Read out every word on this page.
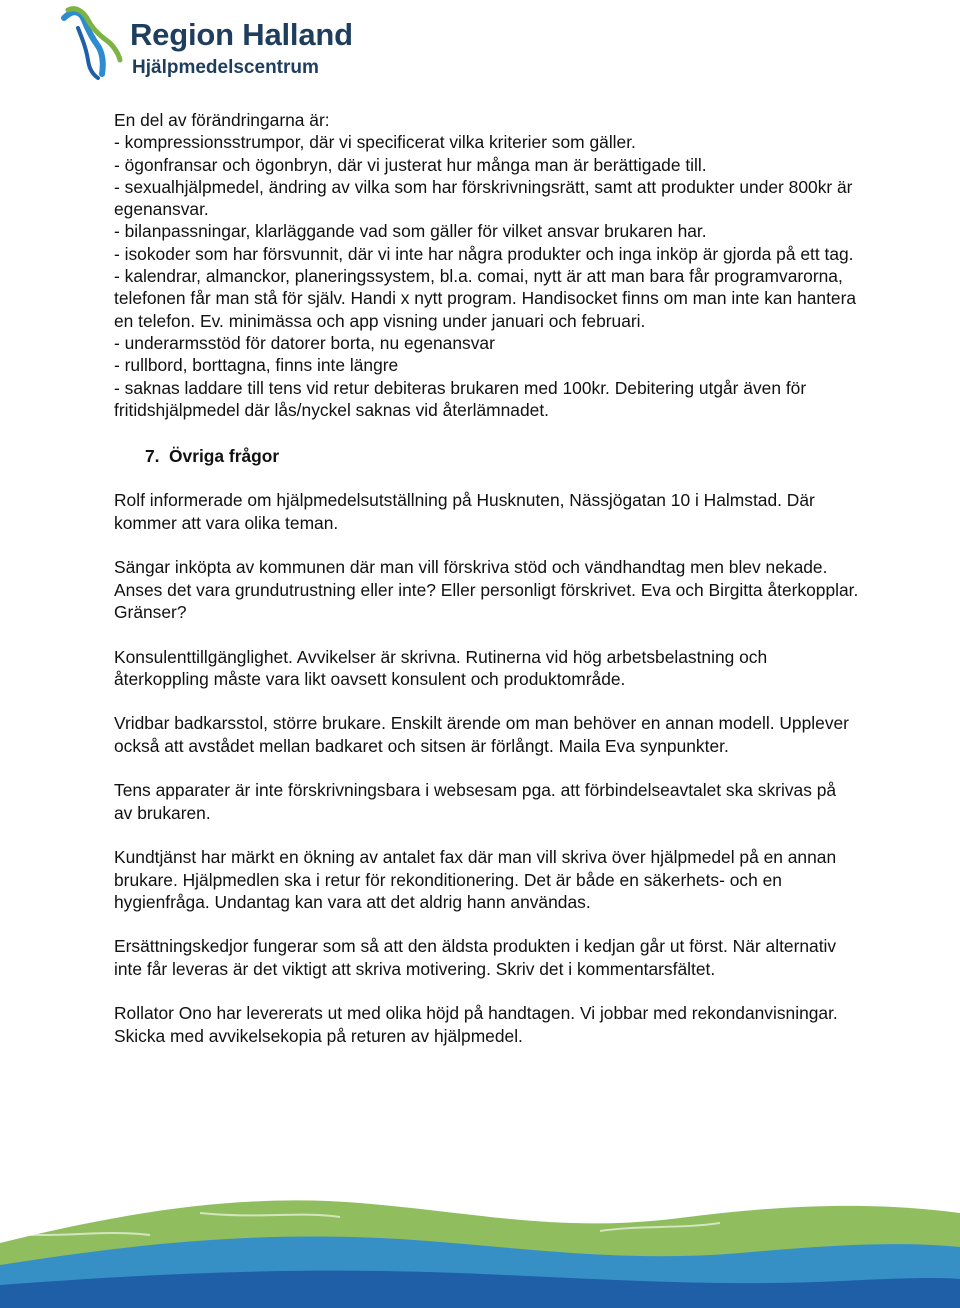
Region Halland
Hjälpmedelscentrum

En del av förändringarna är:

- kompressionsstrumpor, där vi specificerat vilka kriterier som gäller.

- ögonfransar och ögonbryn, där vi justerat hur många man är berättigade till.

- sexualhjälpmedel, ändring av vilka som har förskrivningsrätt, samt att produkter under 800kr är egenansvar.

- bilanpassningar, klarläggande vad som gäller för vilket ansvar brukaren har.

- isokoder som har försvunnit, där vi inte har några produkter och inga inköp är gjorda på ett tag.

- kalendrar, almanckor, planeringssystem, bl.a. comai, nytt är att man bara får programvarorna, telefonen får man stå för själv. Handi x nytt program. Handisocket finns om man inte kan hantera en telefon. Ev. minimässa och app visning under januari och februari.

- underarmsstöd för datorer borta, nu egenansvar

- rullbord, borttagna, finns inte längre

- saknas laddare till tens vid retur debiteras brukaren med 100kr. Debitering utgår även för fritidshjälpmedel där lås/nyckel saknas vid återlämnadet.

7. Övriga frågor

Rolf informerade om hjälpmedelsutställning på Husknuten, Nässjögatan 10 i Halmstad. Där kommer att vara olika teman.

Sängar inköpta av kommunen där man vill förskriva stöd och vändhandtag men blev nekade. Anses det vara grundutrustning eller inte? Eller personligt förskrivet. Eva och Birgitta återkopplar. Gränser?

Konsulenttillgänglighet. Avvikelser är skrivna. Rutinerna vid hög arbetsbelastning och återkoppling måste vara likt oavsett konsulent och produktområde.

Vridbar badkarsstol, större brukare. Enskilt ärende om man behöver en annan modell. Upplever också att avstådet mellan badkaret och sitsen är förlångt. Maila Eva synpunkter.

Tens apparater är inte förskrivningsbara i websesam pga. att förbindelseavtalet ska skrivas på av brukaren.

Kundtjänst har märkt en ökning av antalet fax där man vill skriva över hjälpmedel på en annan brukare. Hjälpmedlen ska i retur för rekonditionering. Det är både en säkerhets- och en hygienfråga. Undantag kan vara att det aldrig hann användas.

Ersättningskedjor fungerar som så att den äldsta produkten i kedjan går ut först. När alternativ inte får leveras är det viktigt att skriva motivering. Skriv det i kommentarsfältet.

Rollator Ono har levererats ut med olika höjd på handtagen. Vi jobbar med rekondanvisningar. Skicka med avvikelsekopia på returen av hjälpmedel.
